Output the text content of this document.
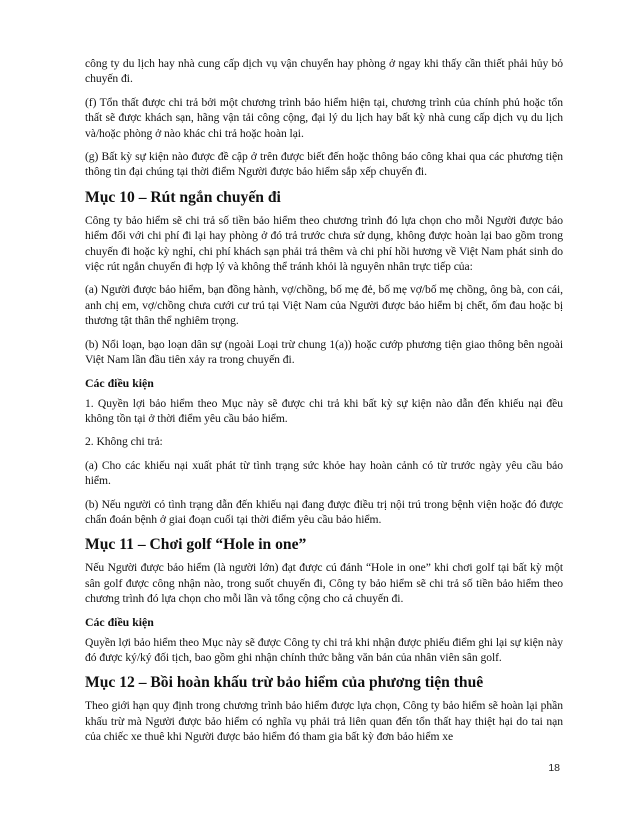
công ty du lịch hay nhà cung cấp dịch vụ vận chuyển hay phòng ở ngay khi thấy cần thiết phải hủy bỏ chuyến đi.

(f) Tổn thất được chi trả bởi một chương trình bảo hiểm hiện tại, chương trình của chính phủ hoặc tổn thất sẽ được khách sạn, hãng vận tải công cộng, đại lý du lịch hay bất kỳ nhà cung cấp dịch vụ du lịch và/hoặc phòng ở nào khác chi trả hoặc hoàn lại.

(g) Bất kỳ sự kiện nào được đề cập ở trên được biết đến hoặc thông báo công khai qua các phương tiện thông tin đại chúng tại thời điểm Người được bảo hiểm sắp xếp chuyến đi.

Mục 10 – Rút ngắn chuyến đi

Công ty bảo hiểm sẽ chi trả số tiền bảo hiểm theo chương trình đó lựa chọn cho mỗi Người được bảo hiểm đối với chi phí đi lại hay phòng ở đó trả trước chưa sử dụng, không được hoàn lại bao gồm trong chuyến đi hoặc kỳ nghỉ, chi phí khách sạn phải trả thêm và chi phí hồi hương về Việt Nam phát sinh do việc rút ngắn chuyến đi hợp lý và không thể tránh khỏi là nguyên nhân trực tiếp của:

(a) Người được bảo hiểm, bạn đồng hành, vợ/chồng, bố mẹ đẻ, bố mẹ vợ/bố mẹ chồng, ông bà, con cái, anh chị em, vợ/chồng chưa cưới cư trú tại Việt Nam của Người được bảo hiểm bị chết, ốm đau hoặc bị thương tật thân thể nghiêm trọng.

(b) Nổi loạn, bạo loạn dân sự (ngoài Loại trừ chung 1(a)) hoặc cướp phương tiện giao thông bên ngoài Việt Nam lần đầu tiên xảy ra trong chuyến đi.

Các điều kiện

1. Quyền lợi bảo hiểm theo Mục này sẽ được chi trả khi bất kỳ sự kiện nào dẫn đến khiếu nại đều không tồn tại ở thời điểm yêu cầu bảo hiểm.

2. Không chi trả:

(a) Cho các khiếu nại xuất phát từ tình trạng sức khỏe hay hoàn cảnh có từ trước ngày yêu cầu bảo hiểm.

(b) Nếu người có tình trạng dẫn đến khiếu nại đang được điều trị nội trú trong bệnh viện hoặc đó được chẩn đoán bệnh ở giai đoạn cuối tại thời điểm yêu cầu bảo hiểm.

Mục 11 – Chơi golf “Hole in one”

Nếu Người được bảo hiểm (là người lớn) đạt được cú đánh “Hole in one” khi chơi golf tại bất kỳ một sân golf được công nhận nào, trong suốt chuyến đi, Công ty bảo hiểm sẽ chi trả số tiền bảo hiểm theo chương trình đó lựa chọn cho mỗi lần và tổng cộng cho cả chuyến đi.

Các điều kiện

Quyền lợi bảo hiểm theo Mục này sẽ được Công ty chi trả khi nhận được phiếu điểm ghi lại sự kiện này đó được ký/ký đối tịch, bao gồm ghi nhận chính thức bằng văn bản của nhân viên sân golf.

Mục 12 – Bồi hoàn khấu trừ bảo hiểm của phương tiện thuê

Theo giới hạn quy định trong chương trình bảo hiểm được lựa chọn, Công ty bảo hiểm sẽ hoàn lại phần khấu trừ mà Người được bảo hiểm có nghĩa vụ phải trả liên quan đến tổn thất hay thiệt hại do tai nạn của chiếc xe thuê khi Người được bảo hiểm đó tham gia bất kỳ đơn bảo hiểm xe

18
